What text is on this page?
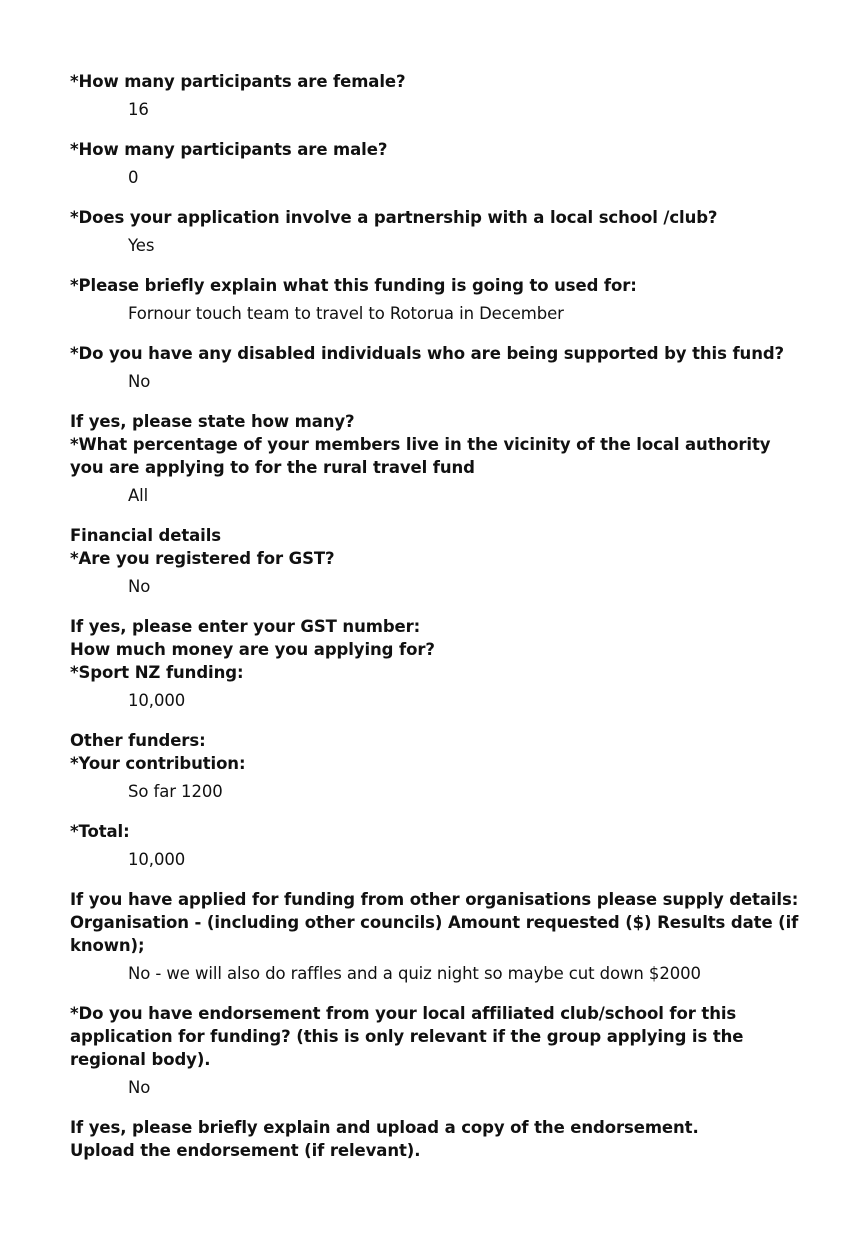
*How many participants are female?

16

*How many participants are male?

0

*Does your application involve a partnership with a local school /club?

Yes

*Please briefly explain what this funding is going to used for:

Fornour touch team to travel to Rotorua in December

*Do you have any disabled individuals who are being supported by this fund?

No

If yes, please state how many?

*What percentage of your members live in the vicinity of the local authority you are applying to for the rural travel fund

All

Financial details

*Are you registered for GST?

No

If yes, please enter your GST number:

How much money are you applying for?

*Sport NZ funding:

10,000

Other funders:

*Your contribution:

So far 1200

*Total:

10,000

If you have applied for funding from other organisations please supply details: Organisation - (including other councils) Amount requested ($) Results date (if known);

No - we will also do raffles and a quiz night so maybe cut down $2000

*Do you have endorsement from your local affiliated club/school for this application for funding? (this is only relevant if the group applying is the regional body).

No

If yes, please briefly explain and upload a copy of the endorsement.

Upload the endorsement (if relevant).
